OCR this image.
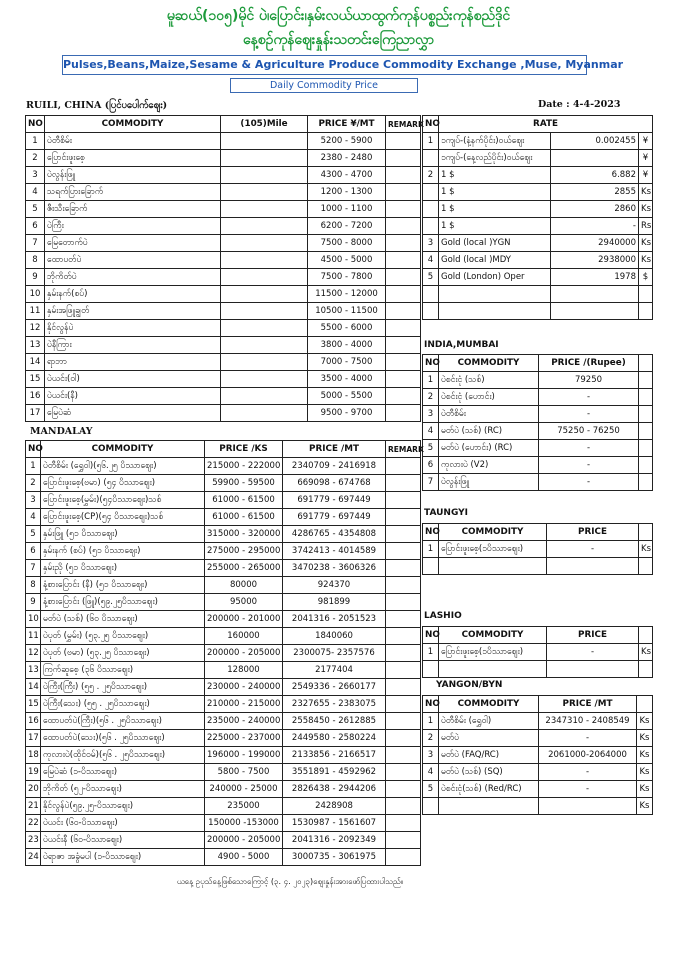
မူဆယ်(၁၀၅)မိုင် ပဲ၊ပြောင်း၊နှမ်းလယ်ယာထွက်ကုန်ပစ္စည်းကုန်စည်ဒိုင်
နေ့စဉ်ကုန်ဈေးနှုန်းသတင်းကြေညာလွှာ
Pulses,Beans,Maize,Sesame & Agriculture Produce Commodity Exchange ,Muse, Myanmar
Daily Commodity Price
RUILI, CHINA (ပြင်ပပေါက်ဈေး)	Date : 4-4-2023
NO	COMMODITY	(105)Mile	PRICE ¥/MT	REMARK
1	ပဲတီစိမ်း		5200 - 5900	
2	ပြောင်းဖူးစေ့		2380 - 2480	
3	ပဲလွန်းဖြူ		4300 - 4700	
4	သရက်ပြားခြောက်		1200 - 1300	
5	ဇီးသီးခြောက်		1000 - 1100	
6	ပဲကြီး		6200 - 7200	
7	မြေတောက်ပဲ		7500 - 8000	
8	ထောပတ်ပဲ		4500 - 5000	
9	ဘိုကိတ်ပဲ		7500 - 7800	
10	နှမ်းနက်(စပ်)		11500 - 12000	
11	နှမ်းအဖြူချွတ်		10500 - 11500	
12	နိုင်လွန်ပဲ		5500 - 6000	
13	ပဲနီကြား		3800 - 4000	
14	ရာဘာ		7000 - 7500	
15	ပဲယင်း(ဝါ)		3500 - 4000	
16	ပဲယင်း(နီ)		5000 - 5500	
17	မြေပဲဆံ		9500 - 9700	
NO	RATE		
1	၁ကျပ်-(နံ့နက်ပိုင်း)ဝယ်ဈေး	0.002455	¥
	၁ကျပ်-(နေ့လည်ပိုင်း)ဝယ်ဈေး		¥
2	1 $	6.882	¥
	1 $	2855	Ks
	1 $	2860	Ks
	1 $	-	Rs
3	Gold (local )YGN	2940000	Ks
4	Gold (local )MDY	2938000	Ks
5	Gold (London) Oper	1978	$

INDIA,MUMBAI
NO	COMMODITY	PRICE /(Rupee)	
1	ပဲစင်းငုံ (သစ်)	79250	
2	ပဲစင်းငုံ (ဟောင်း)	-	
3	ပဲတီစိမ်း	-	
4	မတ်ပဲ (သစ်) (RC)	75250 - 76250	
5	မတ်ပဲ (ဟောင်း) (RC)	-	
6	ကုလားပဲ (V2)	-	
7	ပဲလွန်းဖြူ	-	
MANDALAY
NO	COMMODITY	PRICE /KS	PRICE /MT	REMARK
1	ပဲတီစိမ်း (ရွှေဝါ)(၅၆.၂၅ ပိဿာဈေး)	215000 - 222000	2340709 - 2416918	
2	ပြောင်းဖူးစေ့(ဗမာ) (၅၄ ပိဿာဈေး)	59900 - 59500	669098 - 674768	
3	ပြောင်းဖူးစေ့(မွှမ်း)(၅၄ပိဿာဈေး)သစ်	61000 - 61500	691779 - 697449	
4	ပြောင်းဖူးစေ့(CP)(၅၄ ပိဿာဈေး)သစ်	61000 - 61500	691779 - 697449	
5	နှမ်းဖြူ (၅၁ ပိဿာဈေး)	315000 - 320000	4286765 - 4354808	
6	နှမ်းနက် (စပ်) (၅၁ ပိဿာဈေး)	275000 - 295000	3742413 - 4014589	
7	နှမ်းညို (၅၁ ပိဿာဈေး)	255000 - 265000	3470238 - 3606326	
8	နံ့စားပြောင်း (နီ) (၅၁ ပိဿာဈေး)	80000	924370	
9	နံ့စားပြောင်း (ဖြူ)(၅၉.၂၅ပိဿာဈေး)	95000	981899	
10	မတ်ပဲ (သစ်) (၆၀ ပိဿာဈေး)	200000 - 201000	2041316 - 2051523	
11	ပဲပုတ် (မွှမ်း) (၅၃.၂၅ ပိဿာဈေး)	160000	1840060	
12	ပဲပုတ် (ဗမာ) (၅၃.၂၅ ပိဿာဈေး)	200000 - 205000	2300075- 2357576	
13	ကြက်ဆူစေ့ (၃၆ ပိဿာဈေး)	128000	2177404	
14	ပဲကြီး(ကြီး) (၅၅ . ၂၅ပိဿာဈေး)	230000 - 240000	2549336 - 2660177	
15	ပဲကြီး(သေး) (၅၅ . ၂၅ပိဿာဈေး)	210000 - 215000	2327655 - 2383075	
16	ထောပတ်ပဲ(ကြီး)(၅၆ . ၂၅ပိဿာဈေး)	235000 - 240000	2558450 - 2612885	
17	ထောပတ်ပဲ(သေး)(၅၆ . ၂၅ပိဿာဈေး)	225000 - 237000	2449580 - 2580224	
18	ကုလားပဲ(ထိုင်ဝမ်)(၅၆ . ၂၅ပိဿာဈေး)	196000 - 199000	2133856 - 2166517	
19	မြေပဲဆံ (၁-ပိဿာဈေး)	5800 - 7500	3551891 - 4592962	
20	ဘိုကိတ် (၅၂-ပိဿာဈေး)	240000 - 25000	2826438 - 2944206	
21	နိုင်လွန်ပဲ(၅၉.၂၅-ပိဿာဈေး)	235000	2428908	
22	ပဲယင်း (၆၀-ပိဿာဈေး)	150000 -153000	1530987 - 1561607	
23	ပဲယင်းနီ (၆၀-ပိဿာဈေး)	200000 - 205000	2041316 - 2092349	
24	ပဲရာဇာ အခွံမပါ (၁-ပိဿာဈေး)	4900 - 5000	3000735 - 3061975	
ယနေ့ ဥပုသ်နေ့ဖြစ်သောကြောင့် (၃. ၄. ၂၀၂၃)ဈေးနှုန်းအားဖော်ပြထားပါသည်။
TAUNGYI
NO	COMMODITY	PRICE	
1	ပြောင်းဖူးစေ့(၁ပိဿာဈေး)	-	Ks

LASHIO
NO	COMMODITY	PRICE	
1	ပြောင်းဖူးစေ့(၁ပိဿာဈေး)	-	Ks

YANGON/BYN
NO	COMMODITY	PRICE /MT	
1	ပဲတီစိမ်း (ရွှေဝါ)	2347310 - 2408549	Ks
2	မတ်ပဲ	-	Ks
3	မတ်ပဲ (FAQ/RC)	2061000-2064000	Ks
4	မတ်ပဲ (သစ်) (SQ)	-	Ks
5	ပဲစင်းငုံ(သစ်) (Red/RC)	-	Ks
			Ks
